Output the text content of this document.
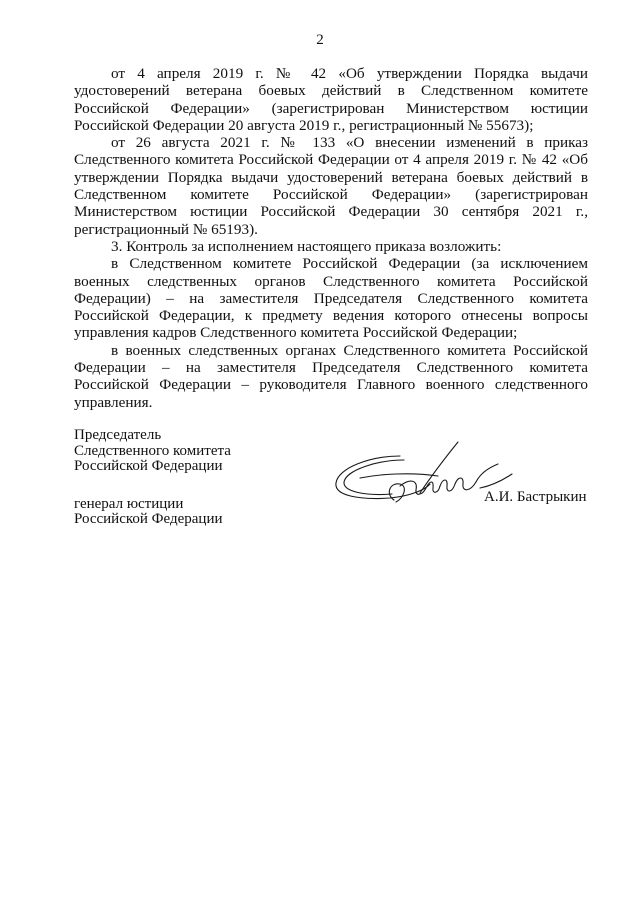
2

от 4 апреля 2019 г. № 42 «Об утверждении Порядка выдачи удостоверений ветерана боевых действий в Следственном комитете Российской Федерации» (зарегистрирован Министерством юстиции Российской Федерации 20 августа 2019 г., регистрационный № 55673);

от 26 августа 2021 г. № 133 «О внесении изменений в приказ Следственного комитета Российской Федерации от 4 апреля 2019 г. № 42 «Об утверждении Порядка выдачи удостоверений ветерана боевых действий в Следственном комитете Российской Федерации» (зарегистрирован Министерством юстиции Российской Федерации 30 сентября 2021 г., регистрационный № 65193).

3. Контроль за исполнением настоящего приказа возложить:

в Следственном комитете Российской Федерации (за исключением военных следственных органов Следственного комитета Российской Федерации) – на заместителя Председателя Следственного комитета Российской Федерации, к предмету ведения которого отнесены вопросы управления кадров Следственного комитета Российской Федерации;

в военных следственных органах Следственного комитета Российской Федерации – на заместителя Председателя Следственного комитета Российской Федерации – руководителя Главного военного следственного управления.

Председатель
Следственного комитета
Российской Федерации
генерал юстиции
Российской Федерации
А.И. Бастрыкин
